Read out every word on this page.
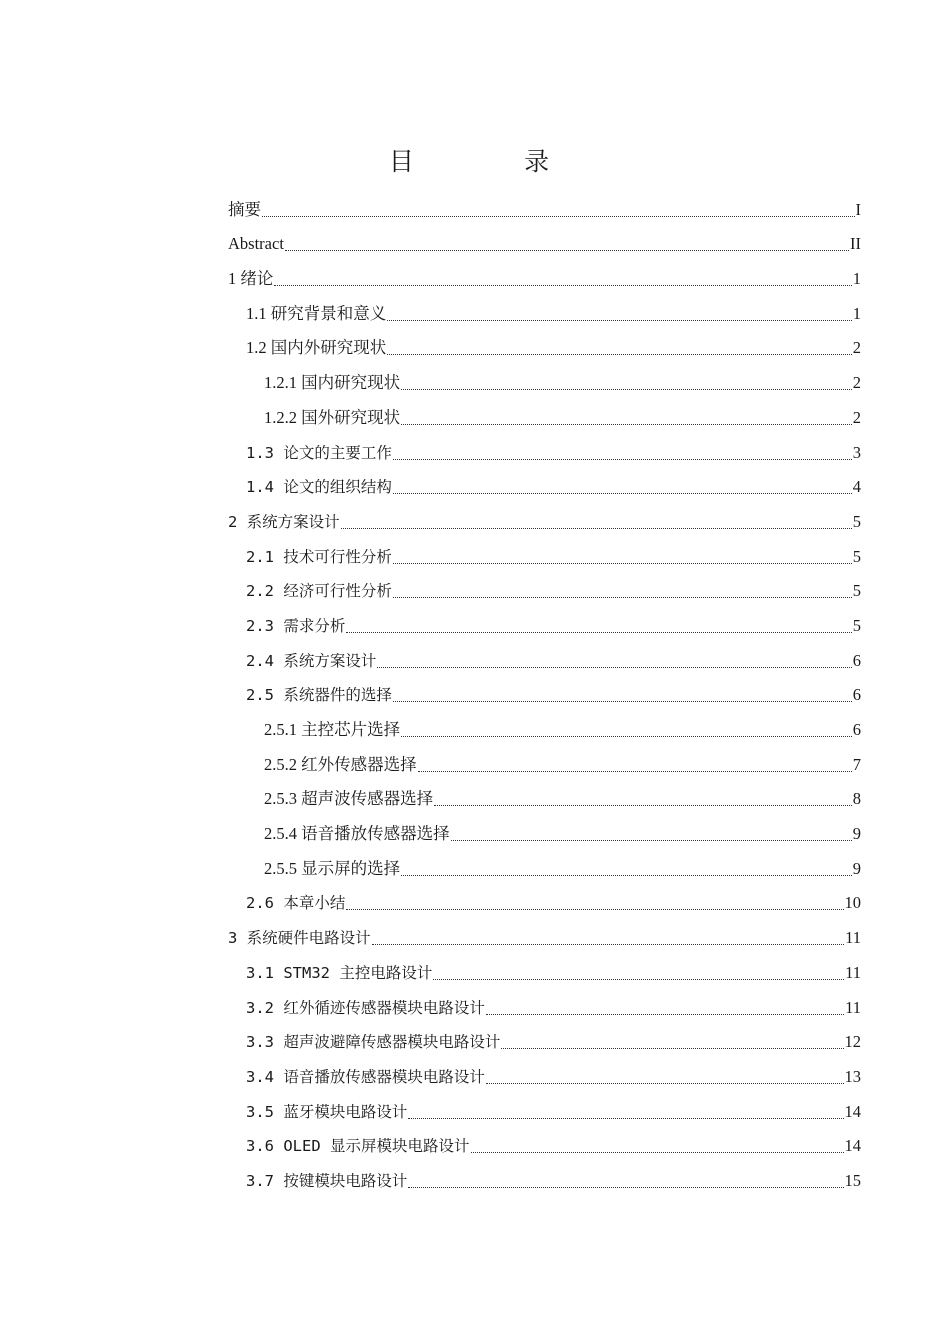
目 录
摘要	I
Abstract	II
1 绪论	1
1.1 研究背景和意义	1
1.2 国内外研究现状	2
1.2.1 国内研究现状	2
1.2.2 国外研究现状	2
1.3 论文的主要工作	3
1.4 论文的组织结构	4
2 系统方案设计	5
2.1 技术可行性分析	5
2.2 经济可行性分析	5
2.3 需求分析	5
2.4 系统方案设计	6
2.5 系统器件的选择	6
2.5.1 主控芯片选择	6
2.5.2 红外传感器选择	7
2.5.3 超声波传感器选择	8
2.5.4 语音播放传感器选择	9
2.5.5 显示屏的选择	9
2.6 本章小结	10
3 系统硬件电路设计	11
3.1 STM32 主控电路设计	11
3.2 红外循迹传感器模块电路设计	11
3.3 超声波避障传感器模块电路设计	12
3.4 语音播放传感器模块电路设计	13
3.5 蓝牙模块电路设计	14
3.6 OLED 显示屏模块电路设计	14
3.7 按键模块电路设计	15
